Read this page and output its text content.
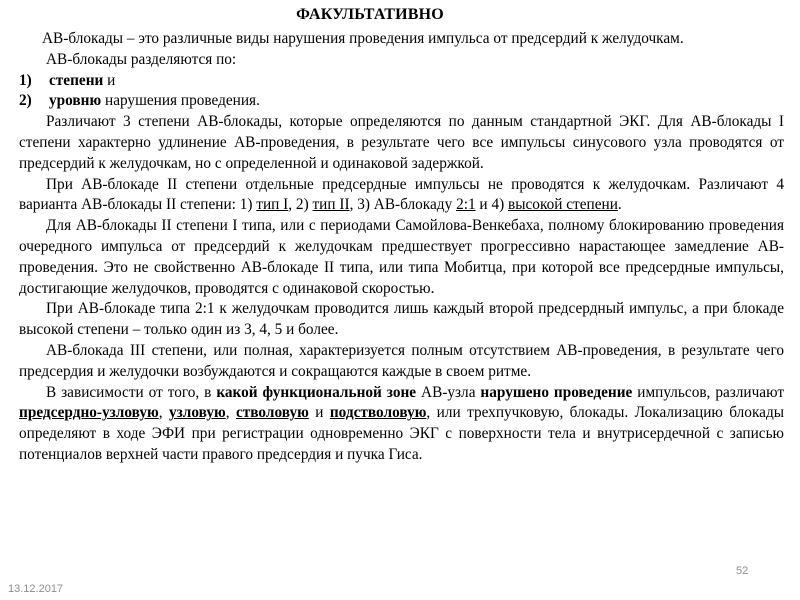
ФАКУЛЬТАТИВНО

АВ-блокады – это различные виды нарушения проведения импульса от предсердий к желудочкам.

АВ-блокады разделяются по:

1) степени и

2) уровню нарушения проведения.

Различают 3 степени АВ-блокады, которые определяются по данным стандартной ЭКГ. Для АВ-блокады I степени характерно удлинение АВ-проведения, в результате чего все импульсы синусового узла проводятся от предсердий к желудочкам, но с определенной и одинаковой задержкой.

При АВ-блокаде II степени отдельные предсердные импульсы не проводятся к желудочкам. Различают 4 варианта АВ-блокады II степени: 1) тип I, 2) тип II, 3) АВ-блокаду 2:1 и 4) высокой степени.

Для АВ-блокады II степени I типа, или с периодами Самойлова-Венкебаха, полному блокированию проведения очередного импульса от предсердий к желудочкам предшествует прогрессивно нарастающее замедление АВ-проведения. Это не свойственно АВ-блокаде II типа, или типа Мобитца, при которой все предсердные импульсы, достигающие желудочков, проводятся с одинаковой скоростью.

При АВ-блокаде типа 2:1 к желудочкам проводится лишь каждый второй предсердный импульс, а при блокаде высокой степени – только один из 3, 4, 5 и более.

АВ-блокада III степени, или полная, характеризуется полным отсутствием АВ-проведения, в результате чего предсердия и желудочки возбуждаются и сокращаются каждые в своем ритме.

В зависимости от того, в какой функциональной зоне АВ-узла нарушено проведение импульсов, различают предсердно-узловую, узловую, стволовую и подстволовую, или трехпучковую, блокады. Локализацию блокады определяют в ходе ЭФИ при регистрации одновременно ЭКГ с поверхности тела и внутрисердечной с записью потенциалов верхней части правого предсердия и пучка Гиса.

13.12.2017
52
